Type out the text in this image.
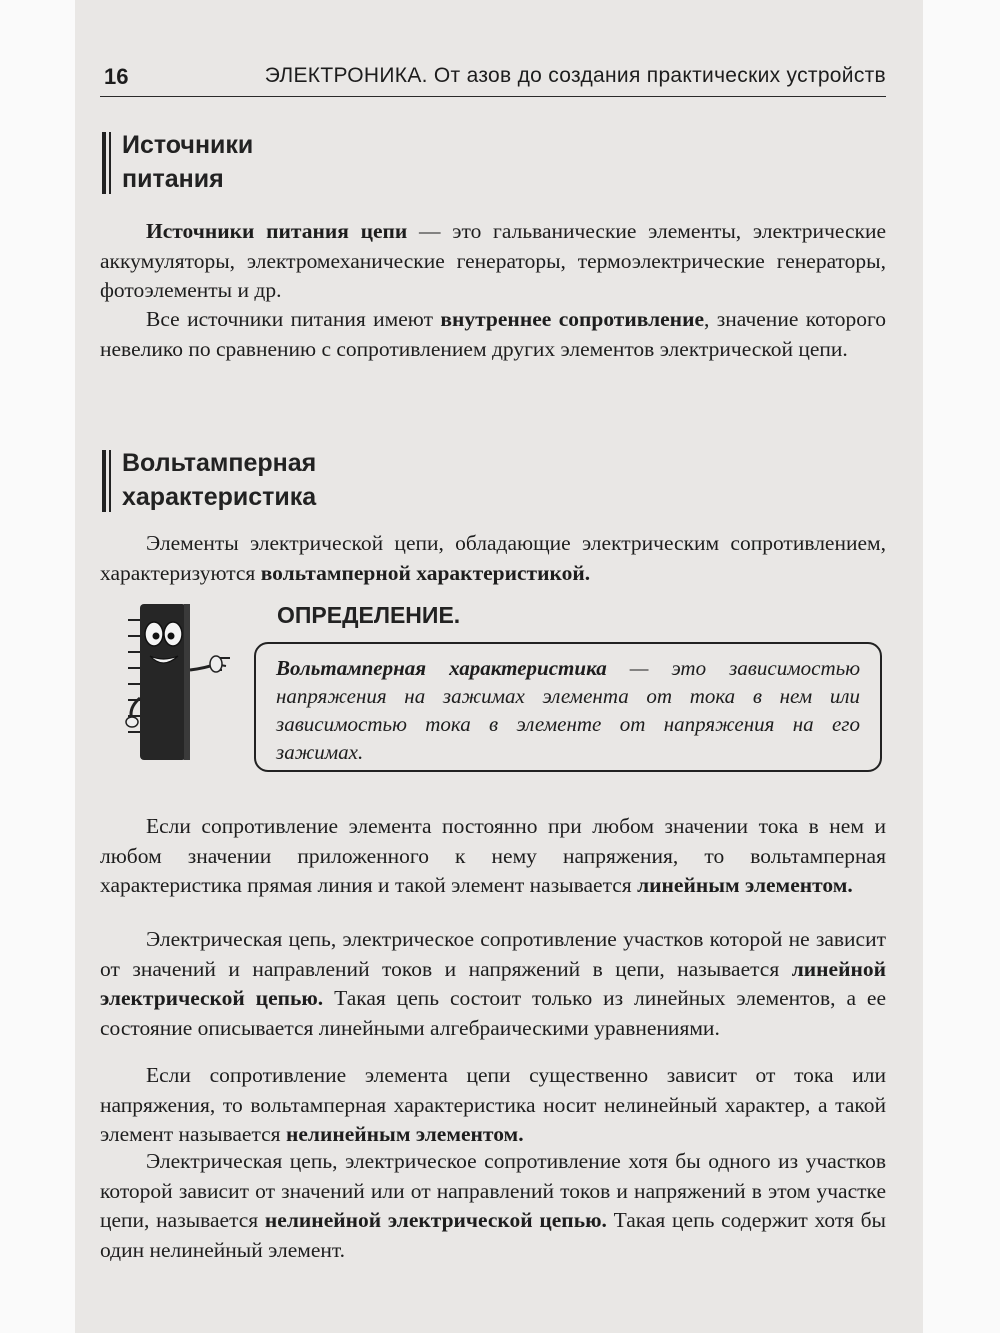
16	ЭЛЕКТРОНИКА. От азов до создания практических устройств
Источники
питания

Источники питания цепи — это гальванические элементы, электрические аккумуляторы, электромеханические генераторы, термоэлектрические генераторы, фотоэлементы и др.

Все источники питания имеют внутреннее сопротивление, значение которого невелико по сравнению с сопротивлением других элементов электрической цепи.

Вольтамперная
характеристика

Элементы электрической цепи, обладающие электрическим сопротивлением, характеризуются вольтамперной характеристикой.

ОПРЕДЕЛЕНИЕ.
Вольтамперная характеристика — это зависимостью напряжения на зажимах элемента от тока в нем или зависимостью тока в элементе от напряжения на его зажимах.

Если сопротивление элемента постоянно при любом значении тока в нем и любом значении приложенного к нему напряжения, то вольтамперная характеристика прямая линия и такой элемент называется линейным элементом.

Электрическая цепь, электрическое сопротивление участков которой не зависит от значений и направлений токов и напряжений в цепи, называется линейной электрической цепью. Такая цепь состоит только из линейных элементов, а ее состояние описывается линейными алгебраическими уравнениями.

Если сопротивление элемента цепи существенно зависит от тока или напряжения, то вольтамперная характеристика носит нелинейный характер, а такой элемент называется нелинейным элементом.

Электрическая цепь, электрическое сопротивление хотя бы одного из участков которой зависит от значений или от направлений токов и напряжений в этом участке цепи, называется нелинейной электрической цепью. Такая цепь содержит хотя бы один нелинейный элемент.
